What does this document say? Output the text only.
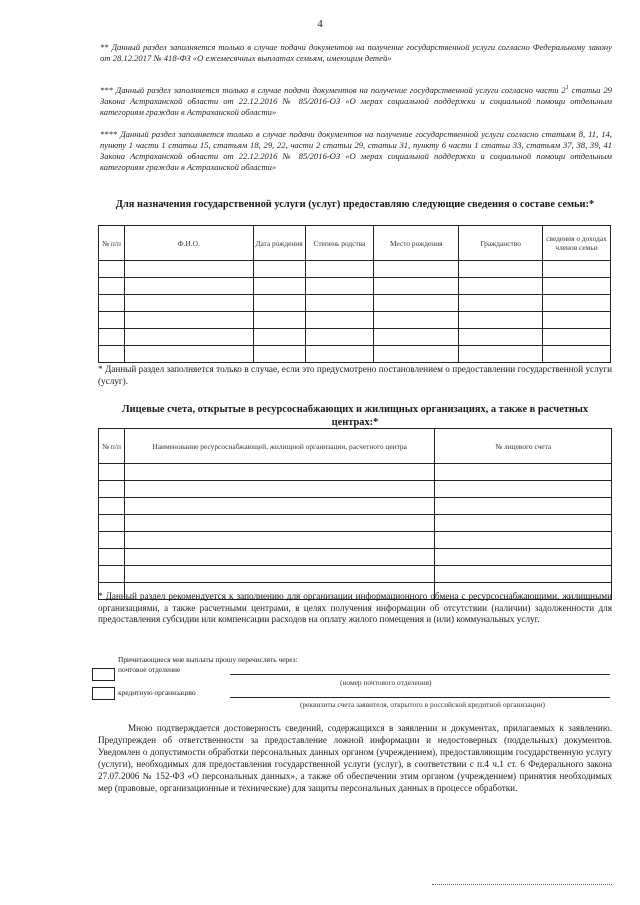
4
** Данный раздел заполняется только в случае подачи документов на получение государственной услуги согласно Федеральному закону от 28.12.2017 № 418-ФЗ «О ежемесячных выплатах семьям, имеющим детей»
*** Данный раздел заполняется только в случае подачи документов на получение государственной услуги согласно части $2^1$ статьи 29 Закона Астраханской области от 22.12.2016 № 85/2016-ОЗ «О мерах социальной поддержки и социальной помощи отдельным категориям граждан в Астраханской области»
**** Данный раздел заполняется только в случае подачи документов на получение государственной услуги согласно статьям 8, 11, 14, пункту 1 части 1 статьи 15, статьям 18, 29, 22, части 2 статьи 29, статьи 31, пункту 6 части 1 статьи 33, статьям 37, 38, 39, 41 Закона Астраханской области от 22.12.2016 № 85/2016-ОЗ «О мерах социальной поддержки и социальной помощи отдельным категориям граждан в Астраханской области»
Для назначения государственной услуги (услуг) предоставляю следующие сведения о составе семьи:*
№ п/п	Ф.И.О.	Дата рождения	Степень родства	Место рождения	Гражданство	сведения о доходах членов семьи

* Данный раздел заполняется только в случае, если это предусмотрено постановлением о предоставлении государственной услуги (услуг).
Лицевые счета, открытые в ресурсоснабжающих и жилищных организациях, а также в расчетных центрах:*
№ п/п	Наименование ресурсоснабжающей, жилищной организации, расчетного центра	№ лицевого счета

* Данный раздел рекомендуется к заполнению для организации информационного обмена с ресурсоснабжающими, жилищными организациями, а также расчетными центрами, в целях получения информации об отсутствии (наличии) задолженности для предоставления субсидии или компенсации расходов на оплату жилого помещения и (или) коммунальных услуг.
Причитающиеся мне выплаты прошу перечислять через:
почтовое отделение
(номер почтового отделения)
кредитную организацию
(реквизиты счета заявителя, открытого в российской кредитной организации)
Мною подтверждается достоверность сведений, содержащихся в заявлении и документах, прилагаемых к заявлению. Предупрежден об ответственности за предоставление ложной информации и недостоверных (поддельных) документов. Уведомлен о допустимости обработки персональных данных органом (учреждением), предоставляющим государственную услугу (услуги), необходимых для предоставления государственной услуги (услуг), в соответствии с п.4 ч.1 ст. 6 Федерального закона 27.07.2006 № 152-ФЗ «О персональных данных», а также об обеспечении этим органом (учреждением) принятия необходимых мер (правовые, организационные и технические) для защиты персональных данных в процессе обработки.
